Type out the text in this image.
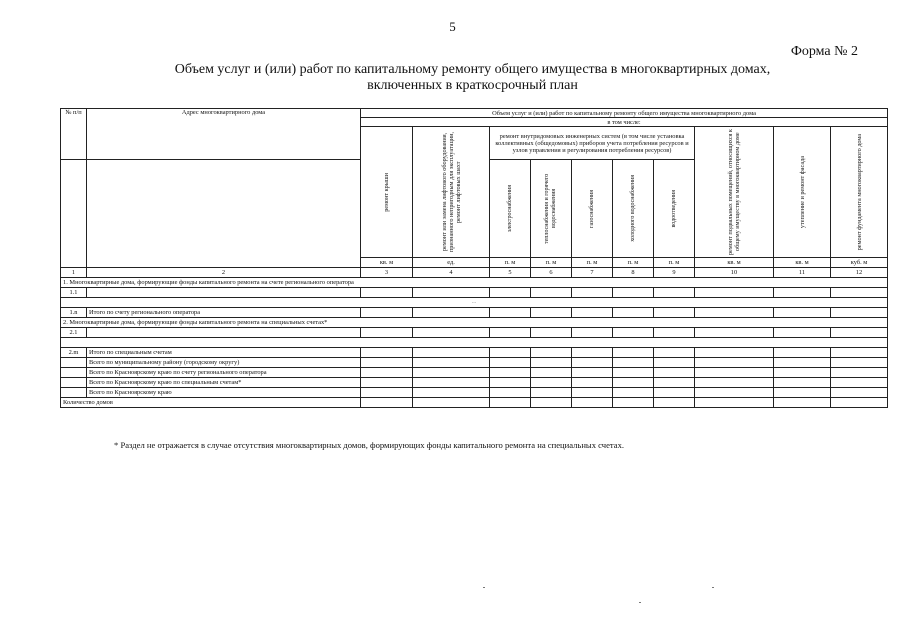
5
Форма № 2
Объем услуг и (или) работ по капитальному ремонту общего имущества в многоквартирных домах,
включенных в краткосрочный план
№ п/п	Адрес многоквартирного дома	Объем услуг и (или) работ по капитальному ремонту общего имущества многоквартирного дома									
		в том числе:									

		ремонт крыши	ремонт или замена лифтового оборудования, признанного непригодным для эксплуатации, ремонт лифтовых шахт	ремонт внутридомовых инженерных систем (в том числе установка коллективных (общедомовых) приборов учета потребления ресурсов и узлов управления и регулирования потребления ресурсов)					ремонт подвальных помещений, относящихся к общему имуществу в многоквартирном доме	утепление и ремонт фасада	ремонт фундамента многоквартирного дома

				электроснабжения	теплоснабжения и горячего водоснабжения	газоснабжения	холодного водоснабжения	водоотведения			

		кв. м	ед.	п. м	п. м	п. м	п. м	п. м	кв. м	кв. м	куб. м
1	2	3	4	5	6	7	8	9	10	11	12
1. Многоквартирные дома, формирующие фонды капитального ремонта на счете регионального оператора											
1.1											
...											
1.n	Итого по счету регионального оператора										
2. Многоквартирные дома, формирующие фонды капитального ремонта на специальных счетах*											
2.1											

2.m	Итого по специальным счетам										
	Всего по муниципальному району (городскому округу)										
	Всего по Красноярскому краю по счету регионального оператора										
	Всего по Красноярскому краю по специальным счетам*										
	Всего по Красноярскому краю										
Количество домов											
* Раздел не отражается в случае отсутствия многоквартирных домов, формирующих фонды капитального ремонта на специальных счетах.
